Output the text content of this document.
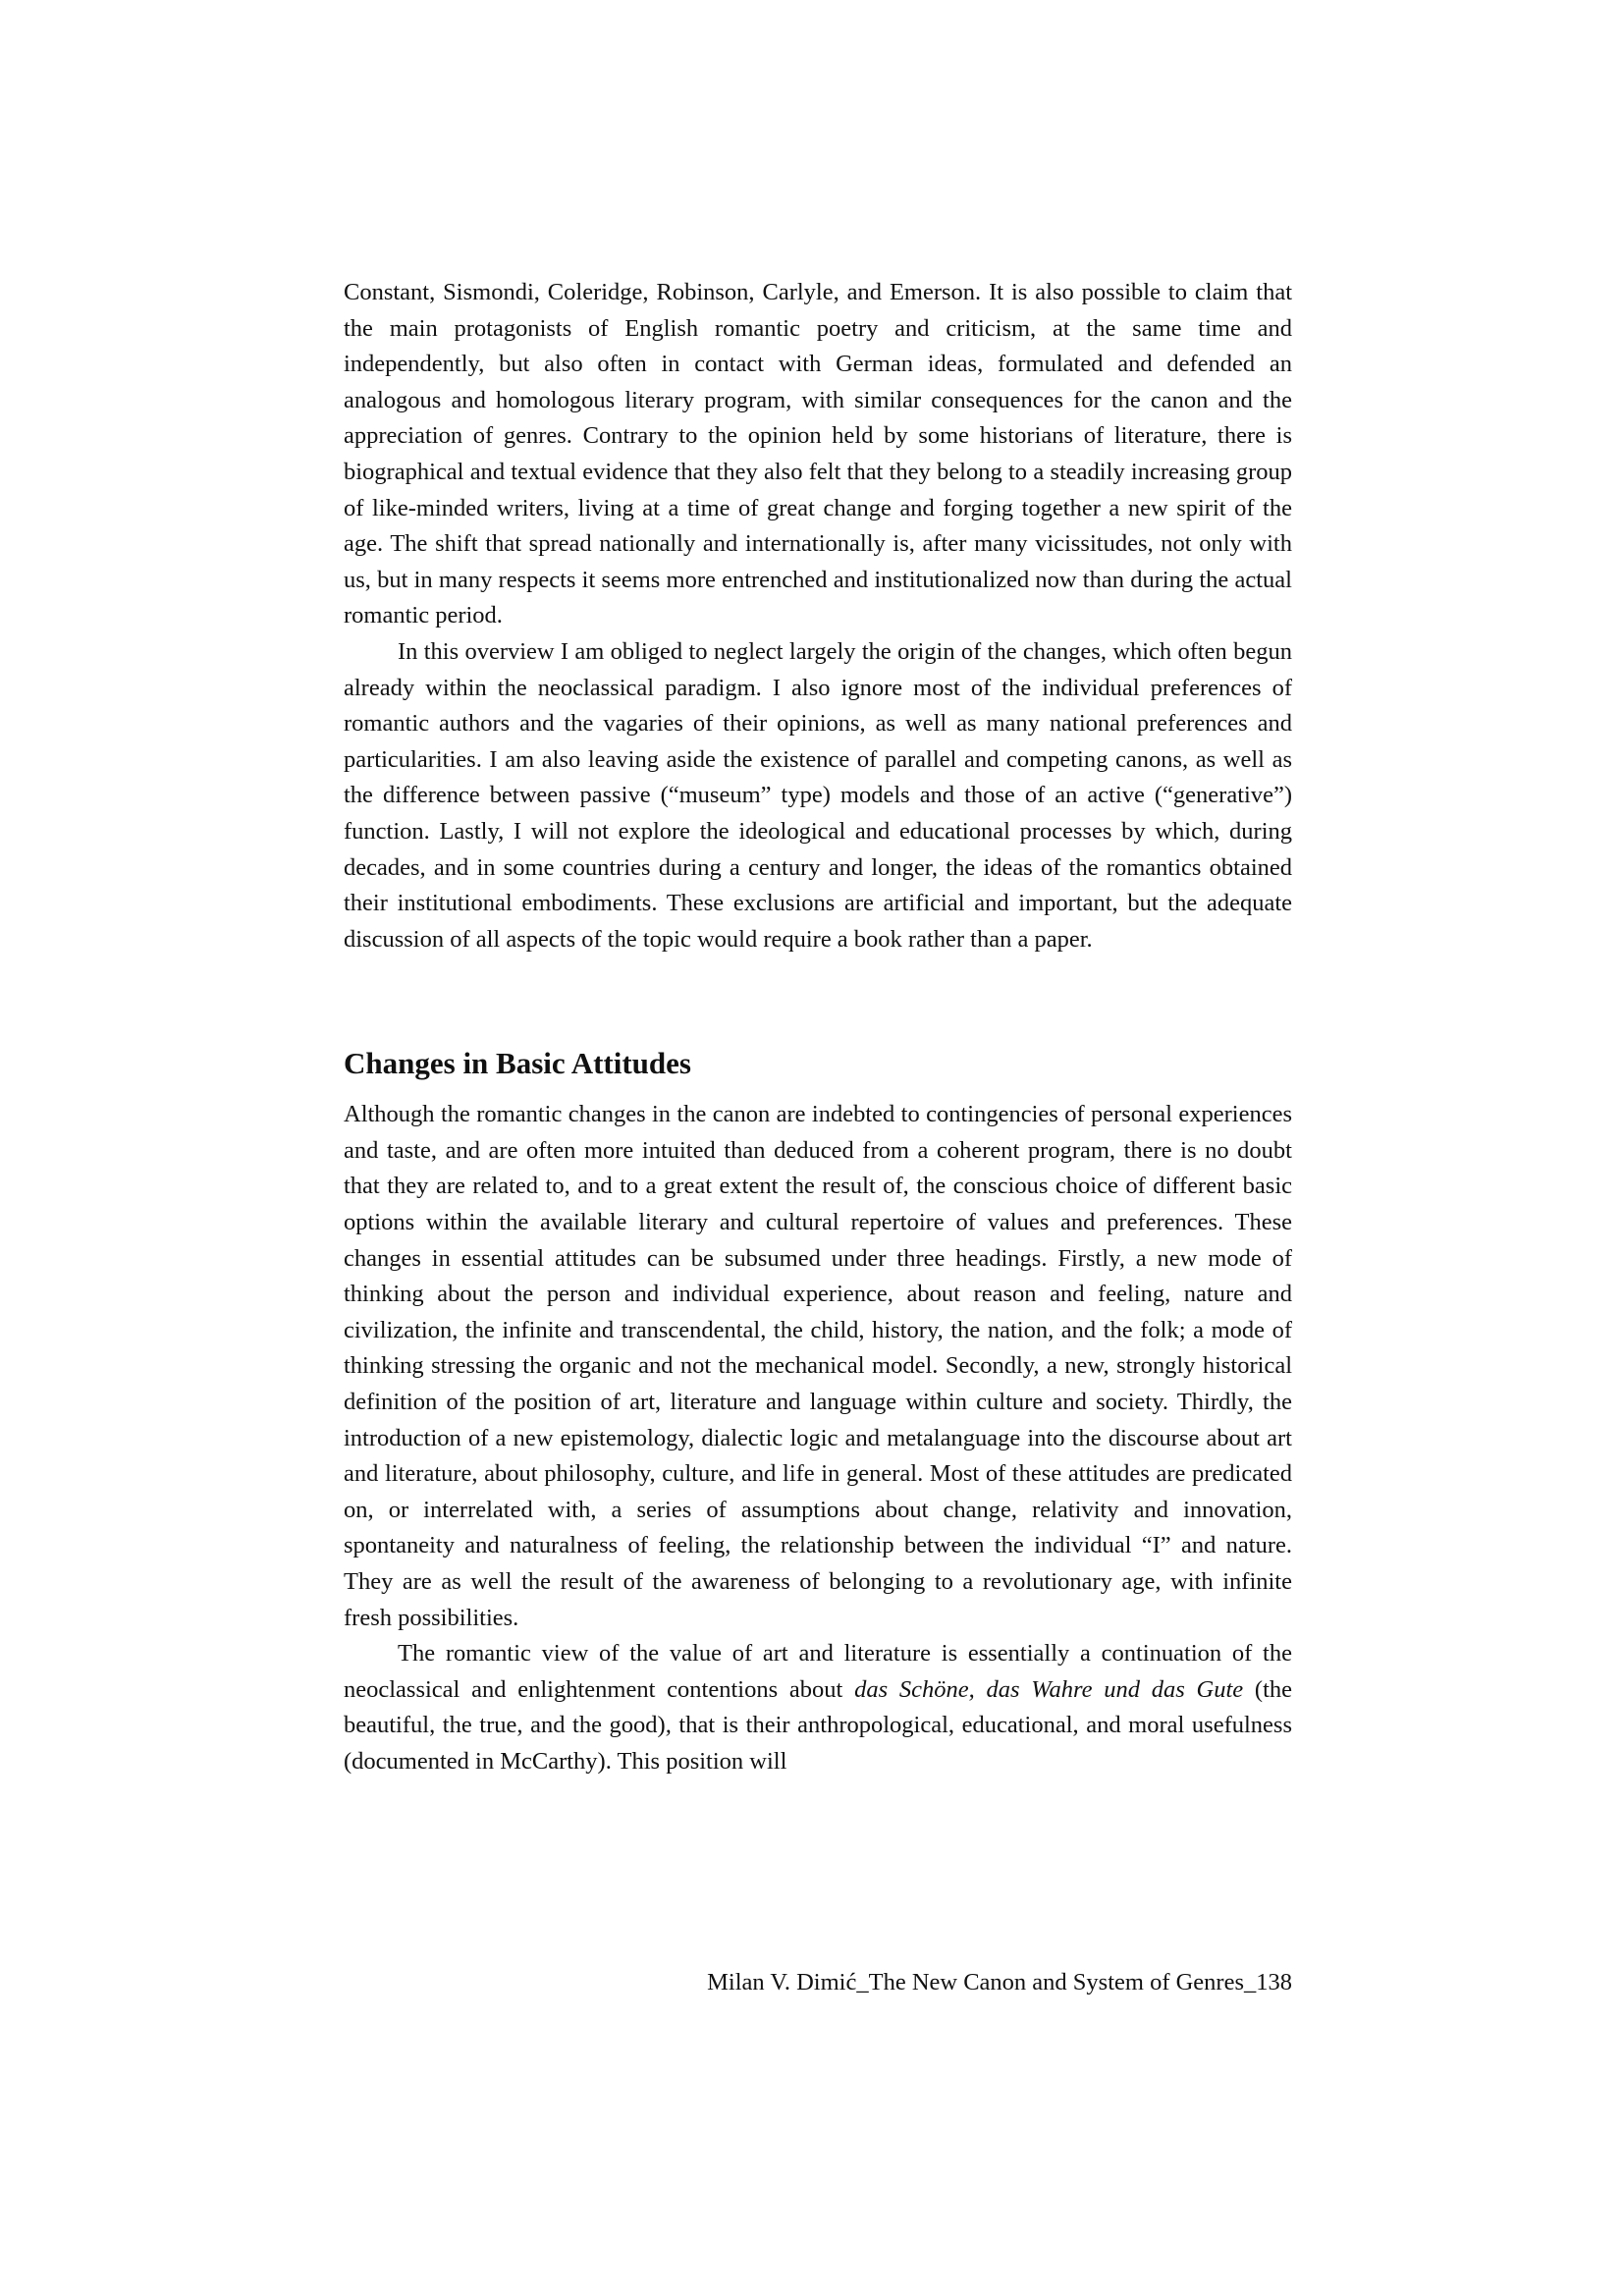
Constant, Sismondi, Coleridge, Robinson, Carlyle, and Emerson. It is also possible to claim that the main protagonists of English romantic poetry and criticism, at the same time and independently, but also often in contact with German ideas, formulated and defended an analogous and homologous literary program, with similar consequences for the canon and the appreciation of genres. Contrary to the opinion held by some historians of literature, there is biographical and textual evidence that they also felt that they belong to a steadily increasing group of like-minded writers, living at a time of great change and forging together a new spirit of the age. The shift that spread nationally and internationally is, after many vicissitudes, not only with us, but in many respects it seems more entrenched and institutionalized now than during the actual romantic period.

In this overview I am obliged to neglect largely the origin of the changes, which often begun already within the neoclassical paradigm. I also ignore most of the individual preferences of romantic authors and the vagaries of their opinions, as well as many national preferences and particularities. I am also leaving aside the existence of parallel and competing canons, as well as the difference between passive (“museum” type) models and those of an active (“generative”) function. Lastly, I will not explore the ideological and educational processes by which, during decades, and in some countries during a century and longer, the ideas of the romantics obtained their institutional embodiments. These exclusions are artificial and important, but the adequate discussion of all aspects of the topic would require a book rather than a paper.

Changes in Basic Attitudes

Although the romantic changes in the canon are indebted to contingencies of personal experiences and taste, and are often more intuited than deduced from a coherent program, there is no doubt that they are related to, and to a great extent the result of, the conscious choice of different basic options within the available literary and cultural repertoire of values and preferences. These changes in essential attitudes can be subsumed under three headings. Firstly, a new mode of thinking about the person and individual experience, about reason and feeling, nature and civilization, the infinite and transcendental, the child, history, the nation, and the folk; a mode of thinking stressing the organic and not the mechanical model. Secondly, a new, strongly historical definition of the position of art, literature and language within culture and society. Thirdly, the introduction of a new epistemology, dialectic logic and metalanguage into the discourse about art and literature, about philosophy, culture, and life in general. Most of these attitudes are predicated on, or interrelated with, a series of assumptions about change, relativity and innovation, spontaneity and naturalness of feeling, the relationship between the individual “I” and nature. They are as well the result of the awareness of belonging to a revolutionary age, with infinite fresh possibilities.

The romantic view of the value of art and literature is essentially a continuation of the neoclassical and enlightenment contentions about das Schöne, das Wahre und das Gute (the beautiful, the true, and the good), that is their anthropological, educational, and moral usefulness (documented in McCarthy). This position will

Milan V. Dimić_The New Canon and System of Genres_138
